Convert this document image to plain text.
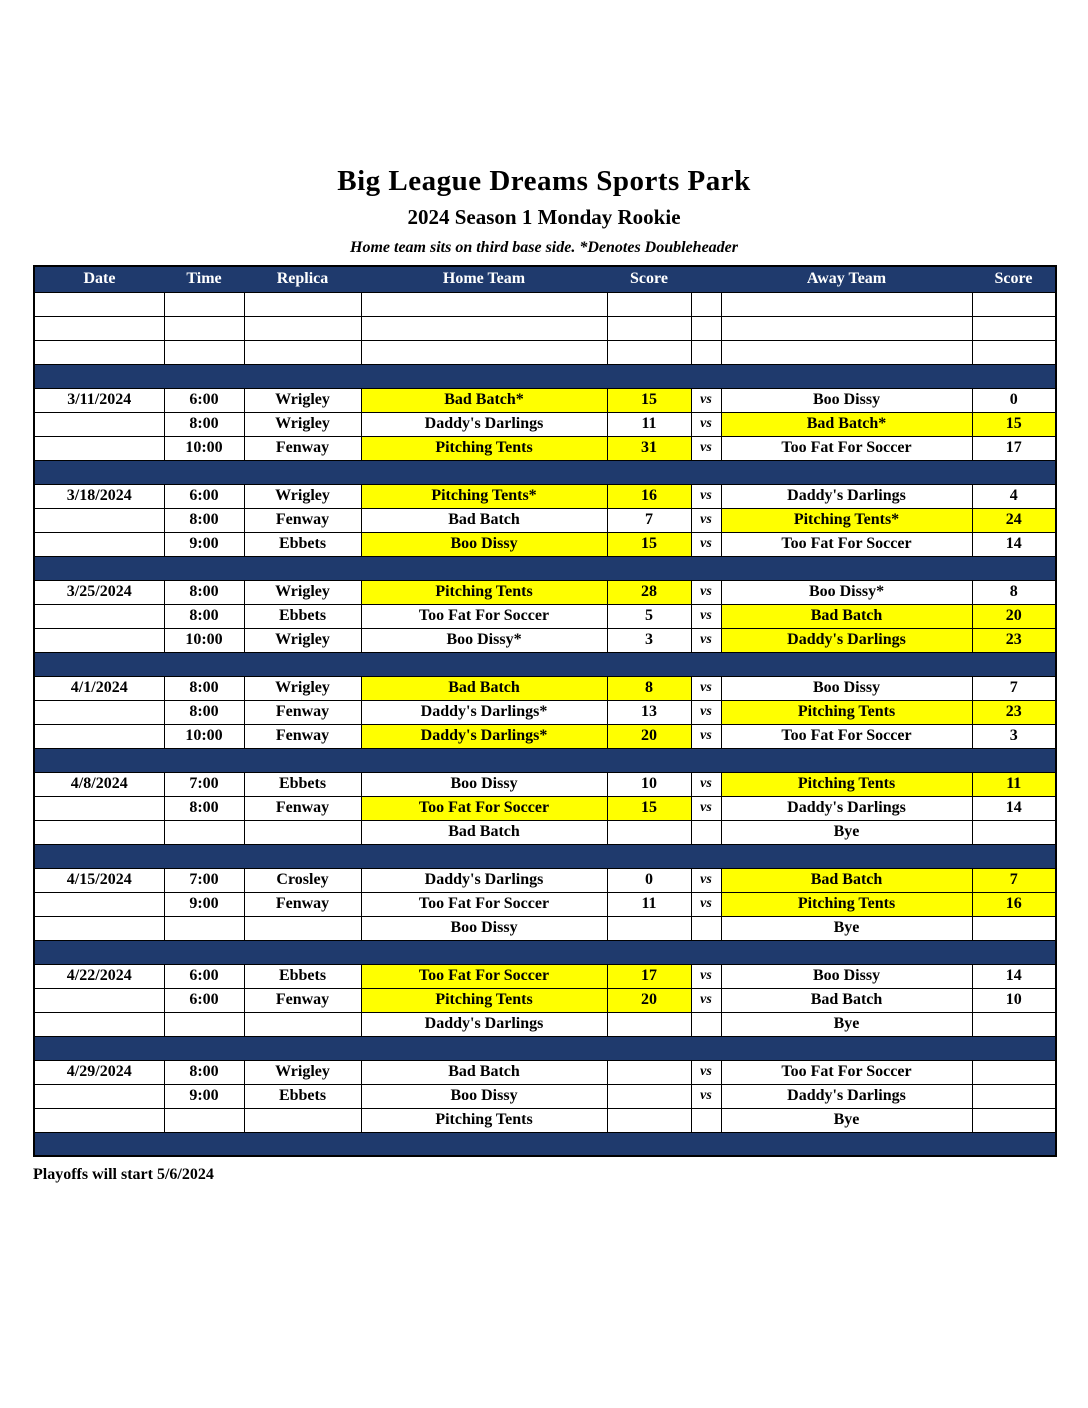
Big League Dreams Sports Park
2024 Season 1 Monday Rookie
Home team sits on third base side. *Denotes Doubleheader
Date	Time	Replica	Home Team	Score		Away Team	Score

3/11/2024	6:00	Wrigley	Bad Batch*	15	vs	Boo Dissy	0
	8:00	Wrigley	Daddy's Darlings	11	vs	Bad Batch*	15
	10:00	Fenway	Pitching Tents	31	vs	Too Fat For Soccer	17

3/18/2024	6:00	Wrigley	Pitching Tents*	16	vs	Daddy's Darlings	4
	8:00	Fenway	Bad Batch	7	vs	Pitching Tents*	24
	9:00	Ebbets	Boo Dissy	15	vs	Too Fat For Soccer	14

3/25/2024	8:00	Wrigley	Pitching Tents	28	vs	Boo Dissy*	8
	8:00	Ebbets	Too Fat For Soccer	5	vs	Bad Batch	20
	10:00	Wrigley	Boo Dissy*	3	vs	Daddy's Darlings	23

4/1/2024	8:00	Wrigley	Bad Batch	8	vs	Boo Dissy	7
	8:00	Fenway	Daddy's Darlings*	13	vs	Pitching Tents	23
	10:00	Fenway	Daddy's Darlings*	20	vs	Too Fat For Soccer	3

4/8/2024	7:00	Ebbets	Boo Dissy	10	vs	Pitching Tents	11
	8:00	Fenway	Too Fat For Soccer	15	vs	Daddy's Darlings	14
			Bad Batch			Bye	

4/15/2024	7:00	Crosley	Daddy's Darlings	0	vs	Bad Batch	7
	9:00	Fenway	Too Fat For Soccer	11	vs	Pitching Tents	16
			Boo Dissy			Bye	

4/22/2024	6:00	Ebbets	Too Fat For Soccer	17	vs	Boo Dissy	14
	6:00	Fenway	Pitching Tents	20	vs	Bad Batch	10
			Daddy's Darlings			Bye	

4/29/2024	8:00	Wrigley	Bad Batch		vs	Too Fat For Soccer	
	9:00	Ebbets	Boo Dissy		vs	Daddy's Darlings	
			Pitching Tents			Bye	

Playoffs will start 5/6/2024
